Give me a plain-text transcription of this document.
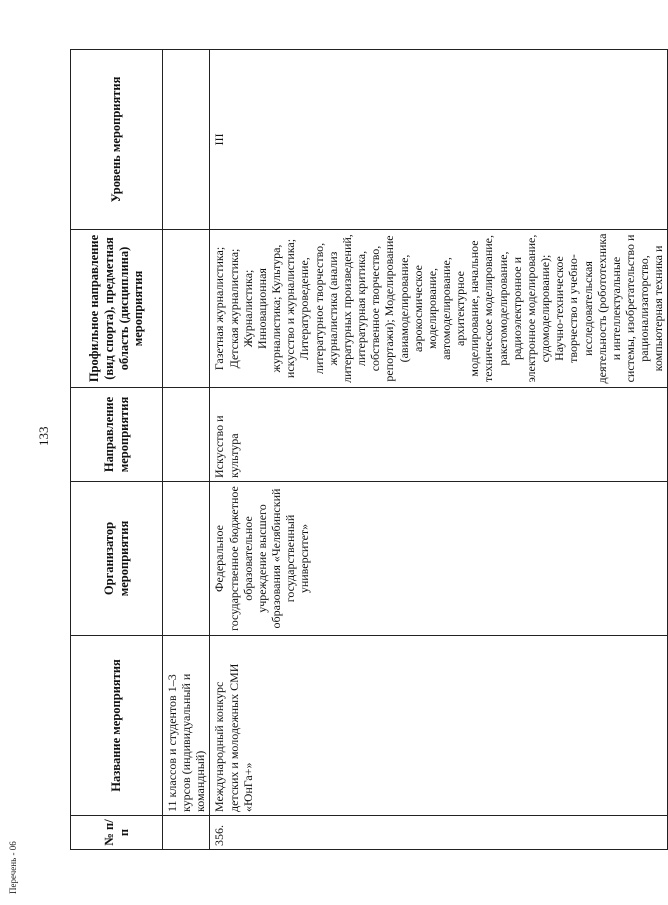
133
№ п/п	Название мероприятия	Организатор мероприятия	Направление мероприятия	Профильное направление (вид спорта), предметная область (дисциплина) мероприятия	Уровень мероприятия
	11 классов и студентов 1–3 курсов (индивидуальный и командный)				
356.	Международный конкурс детских и молодежных СМИ «ЮнГа+»	Федеральное государственное бюджетное образовательное учреждение высшего образования «Челябинский государственный университет»	Искусство и культура	Газетная журналистика; Детская журналистика; Журналистика; Инновационная журналистика; Культура, искусство и журналистика; Литературоведение, литературное творчество, журналистика (анализ литературных произведений, литературная критика, собственное творчество, репортажи); Моделирование (авиамоделирование, аэрокосмическое моделирование, автомоделирование, архитектурное моделирование, начальное техническое моделирование, ракетомоделирование, радиоэлектронное и электронное моделирование, судомоделирование); Научно-техническое творчество и учебно-исследовательская деятельность (робототехника и интеллектуальные системы, изобретательство и рационализаторство, компьютерная техника и	III
Перечень - 06
